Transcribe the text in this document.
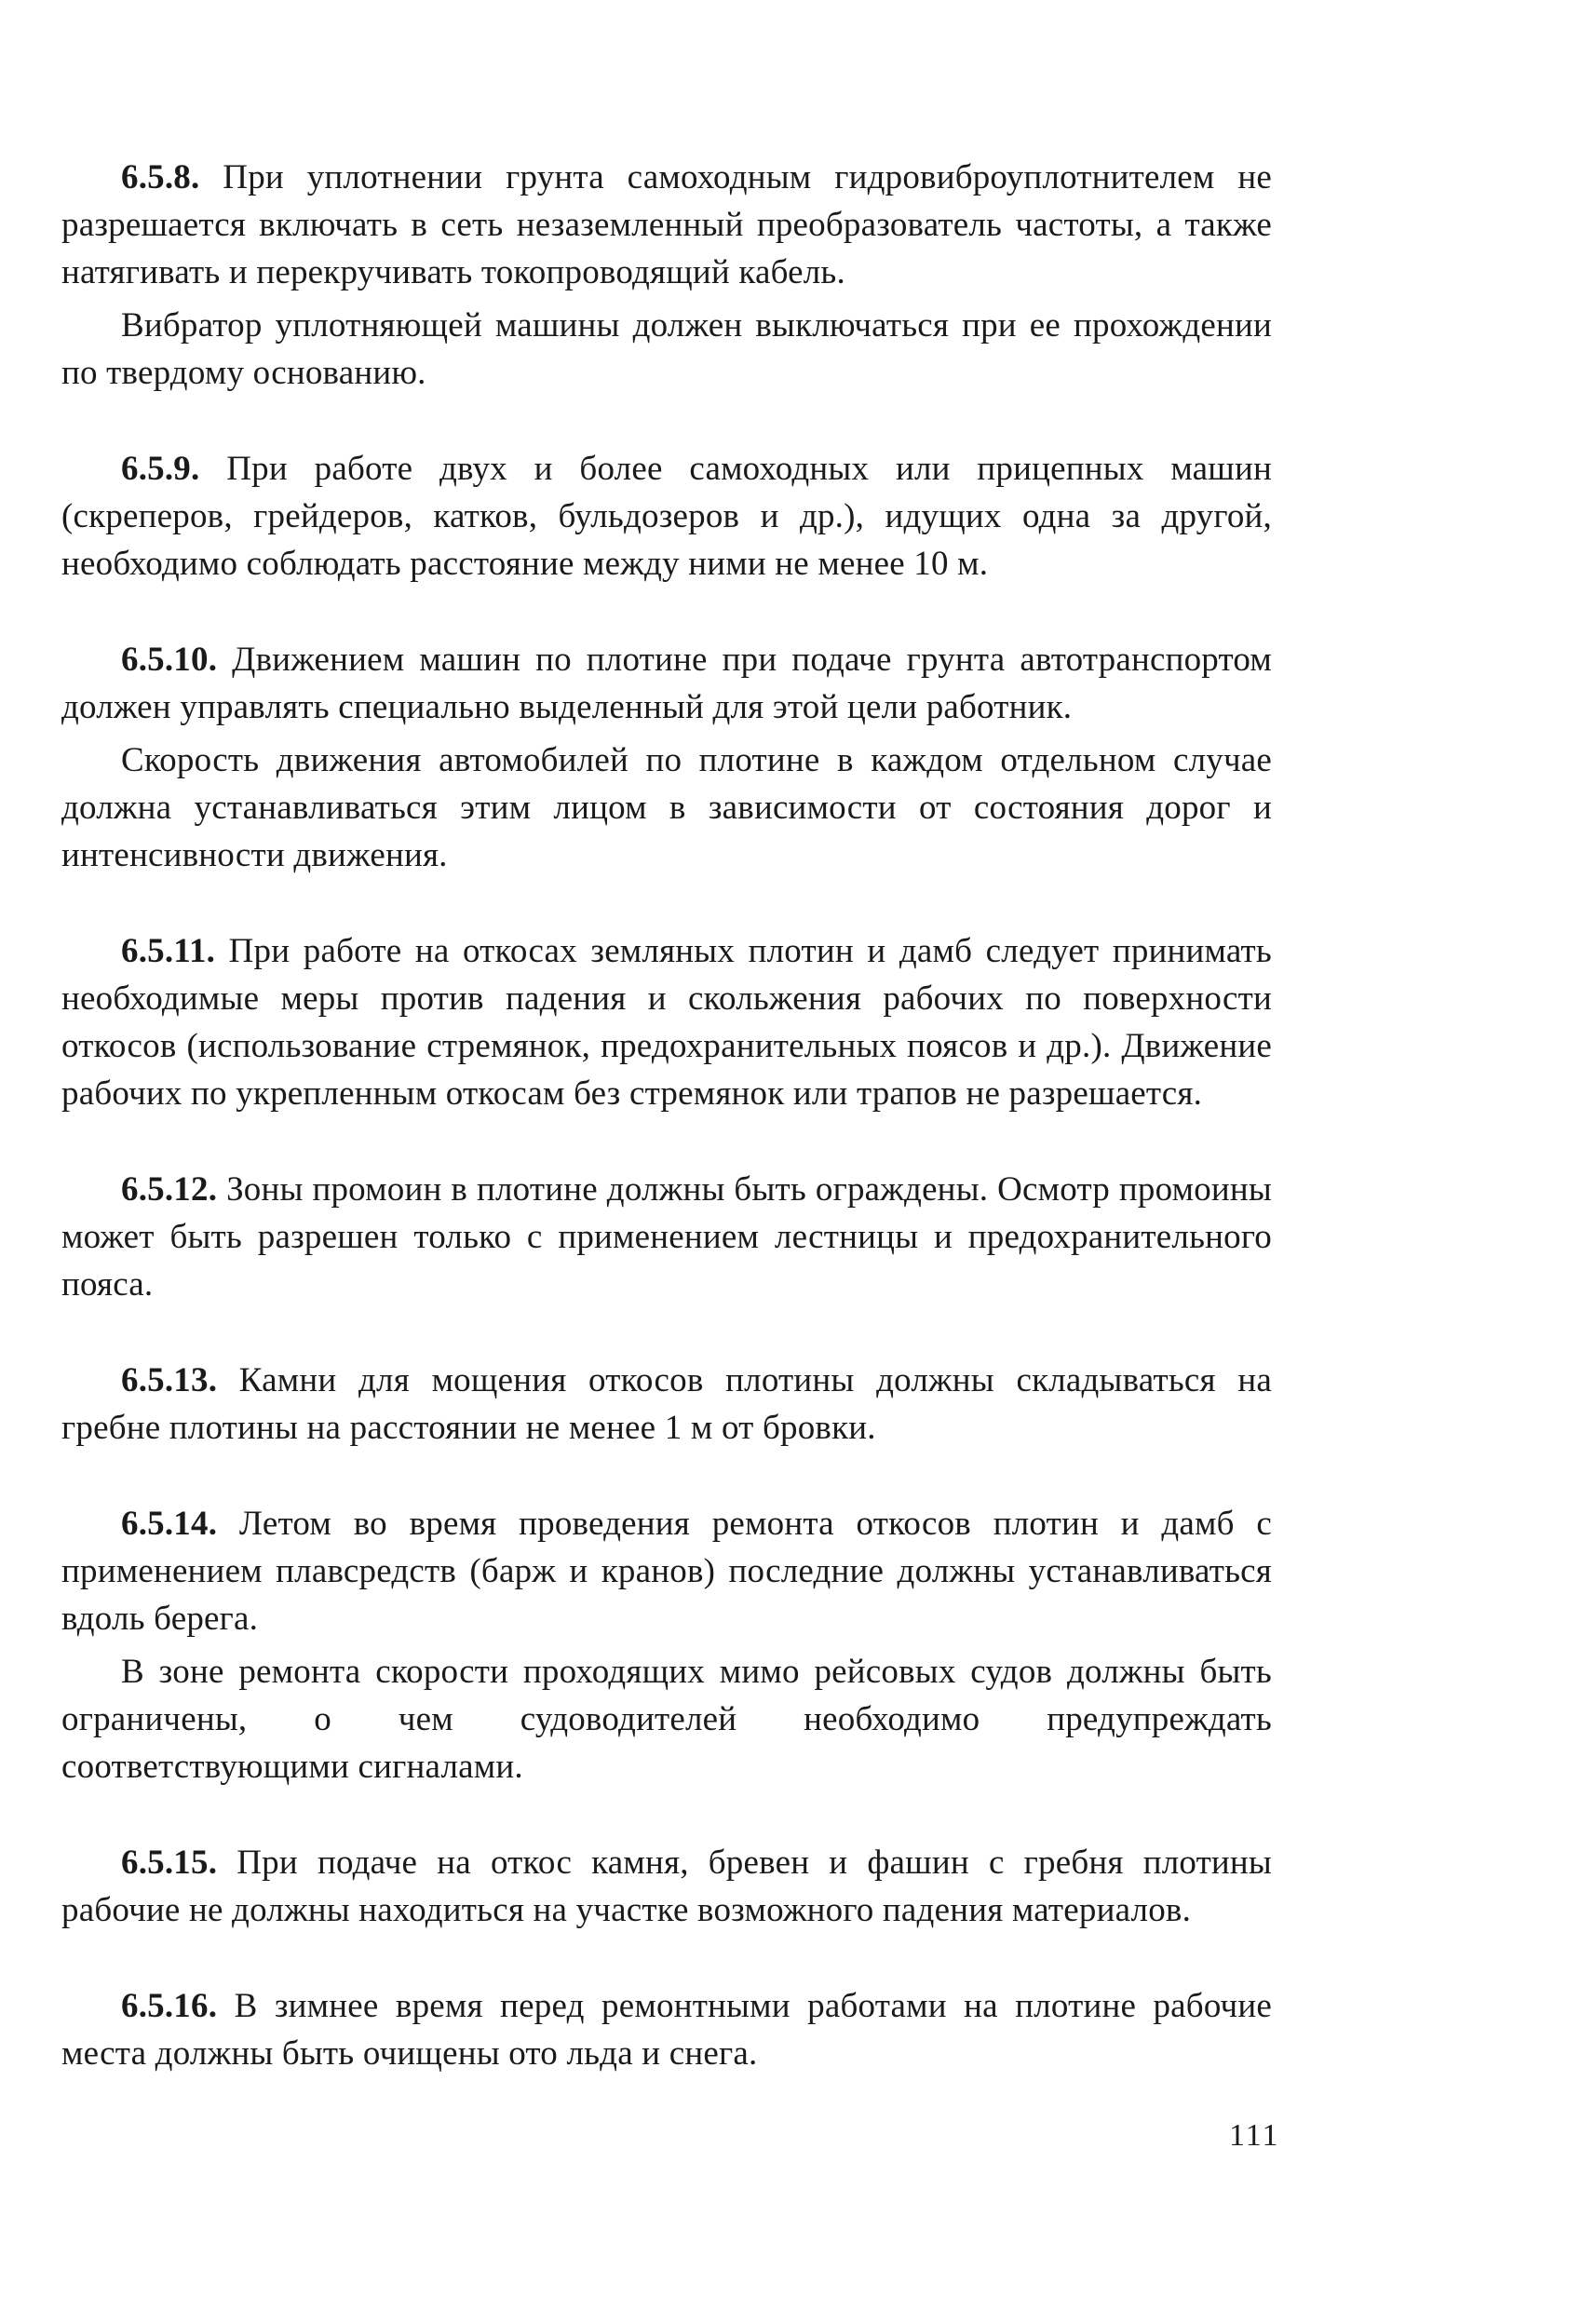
6.5.8. При уплотнении грунта самоходным гидровиброуплотнителем не разрешается включать в сеть незаземленный преобразователь частоты, а также натягивать и перекручивать токопроводящий кабель.

Вибратор уплотняющей машины должен выключаться при ее прохождении по твердому основанию.

6.5.9. При работе двух и более самоходных или прицепных машин (скреперов, грейдеров, катков, бульдозеров и др.), идущих одна за другой, необходимо соблюдать расстояние между ними не менее 10 м.

6.5.10. Движением машин по плотине при подаче грунта автотранспортом должен управлять специально выделенный для этой цели работник.

Скорость движения автомобилей по плотине в каждом отдельном случае должна устанавливаться этим лицом в зависимости от состояния дорог и интенсивности движения.

6.5.11. При работе на откосах земляных плотин и дамб следует принимать необходимые меры против падения и скольжения рабочих по поверхности откосов (использование стремянок, предохранительных поясов и др.). Движение рабочих по укрепленным откосам без стремянок или трапов не разрешается.

6.5.12. Зоны промоин в плотине должны быть ограждены. Осмотр промоины может быть разрешен только с применением лестницы и предохранительного пояса.

6.5.13. Камни для мощения откосов плотины должны складываться на гребне плотины на расстоянии не менее 1 м от бровки.

6.5.14. Летом во время проведения ремонта откосов плотин и дамб с применением плавсредств (барж и кранов) последние должны устанавливаться вдоль берега.

В зоне ремонта скорости проходящих мимо рейсовых судов должны быть ограничены, о чем судоводителей необходимо предупреждать соответствующими сигналами.

6.5.15. При подаче на откос камня, бревен и фашин с гребня плотины рабочие не должны находиться на участке возможного падения материалов.

6.5.16. В зимнее время перед ремонтными работами на плотине рабочие места должны быть очищены ото льда и снега.

111
